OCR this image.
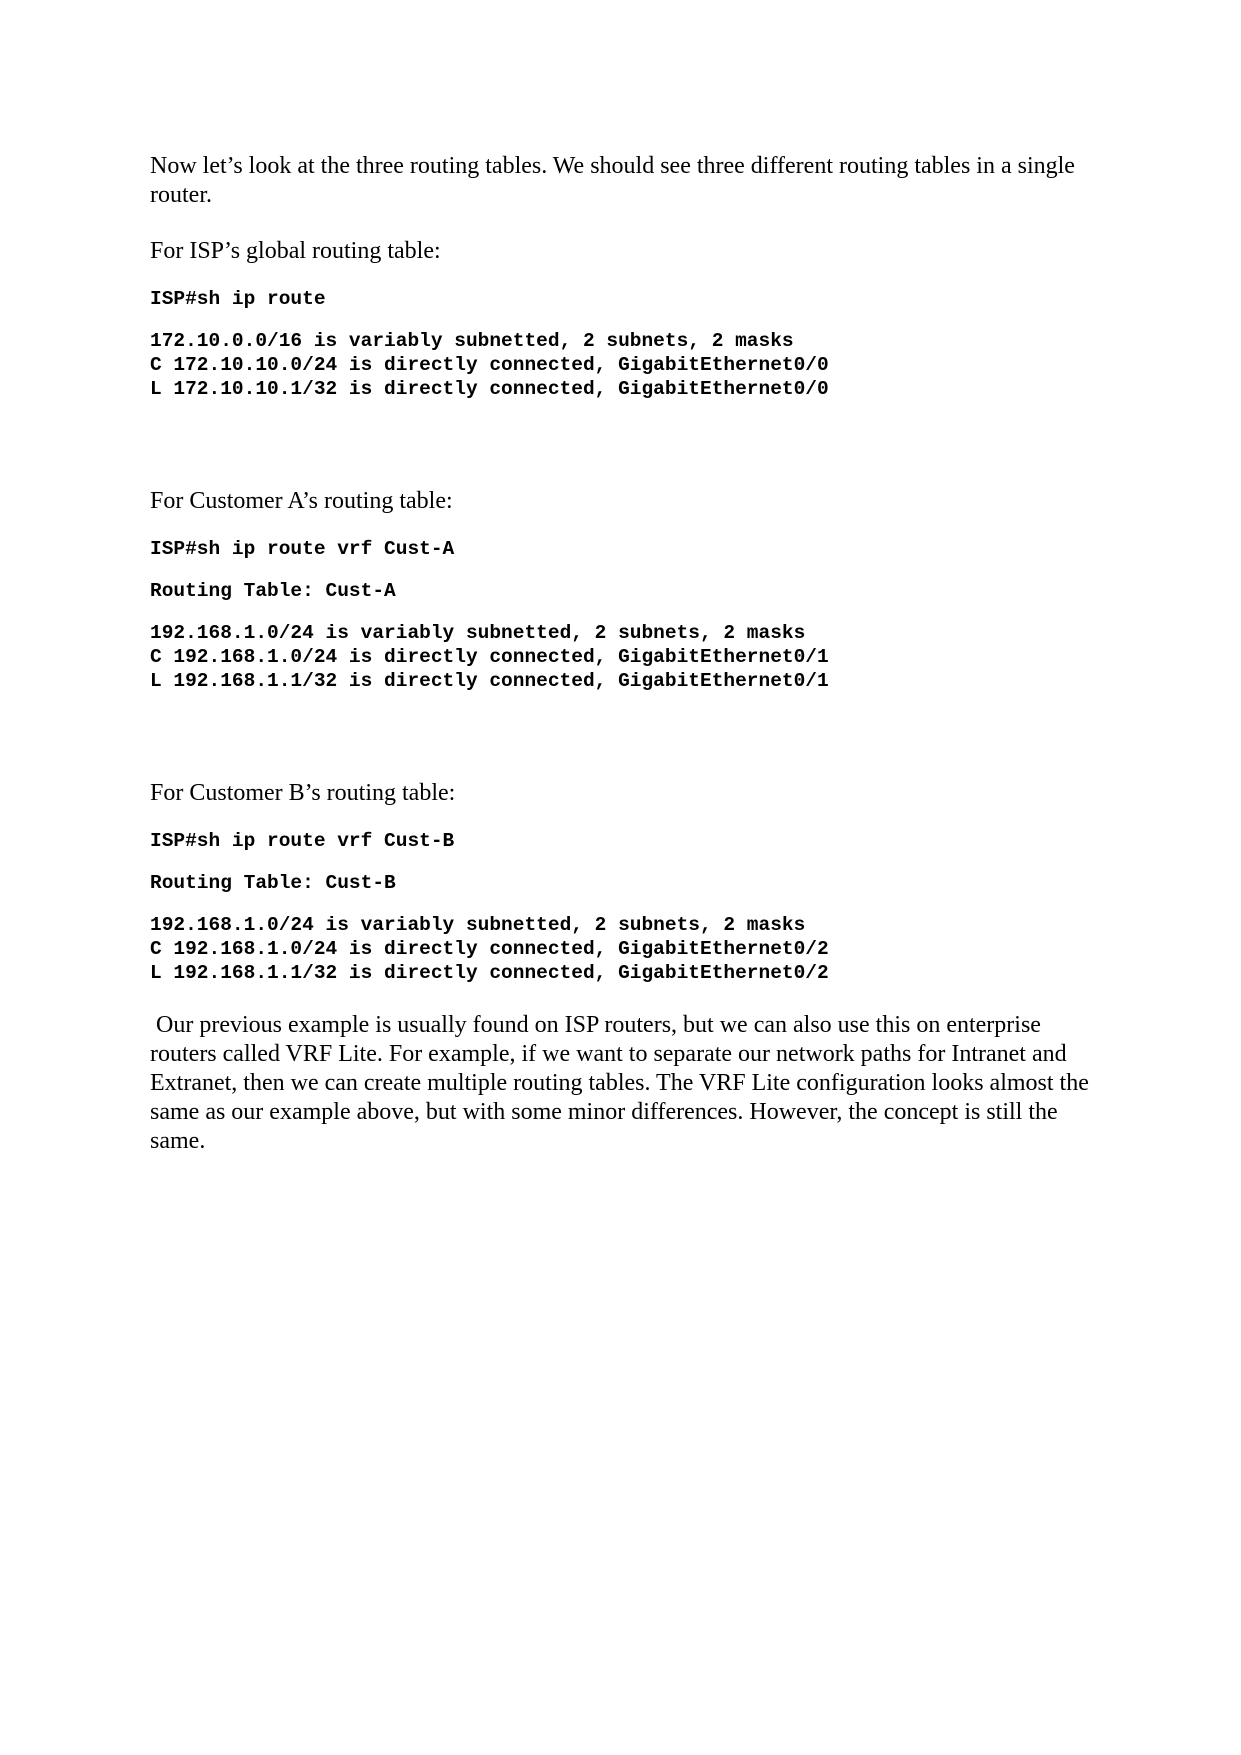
Now let’s look at the three routing tables. We should see three different routing tables in a single router.

For ISP’s global routing table:

ISP#sh ip route

172.10.0.0/16 is variably subnetted, 2 subnets, 2 masks

C 172.10.10.0/24 is directly connected, GigabitEthernet0/0

L 172.10.10.1/32 is directly connected, GigabitEthernet0/0

For Customer A’s routing table:

ISP#sh ip route vrf Cust-A

Routing Table: Cust-A

192.168.1.0/24 is variably subnetted, 2 subnets, 2 masks

C 192.168.1.0/24 is directly connected, GigabitEthernet0/1

L 192.168.1.1/32 is directly connected, GigabitEthernet0/1

For Customer B’s routing table:

ISP#sh ip route vrf Cust-B

Routing Table: Cust-B

192.168.1.0/24 is variably subnetted, 2 subnets, 2 masks

C 192.168.1.0/24 is directly connected, GigabitEthernet0/2

L 192.168.1.1/32 is directly connected, GigabitEthernet0/2

Our previous example is usually found on ISP routers, but we can also use this on enterprise routers called VRF Lite. For example, if we want to separate our network paths for Intranet and Extranet, then we can create multiple routing tables. The VRF Lite configuration looks almost the same as our example above, but with some minor differences. However, the concept is still the same.
